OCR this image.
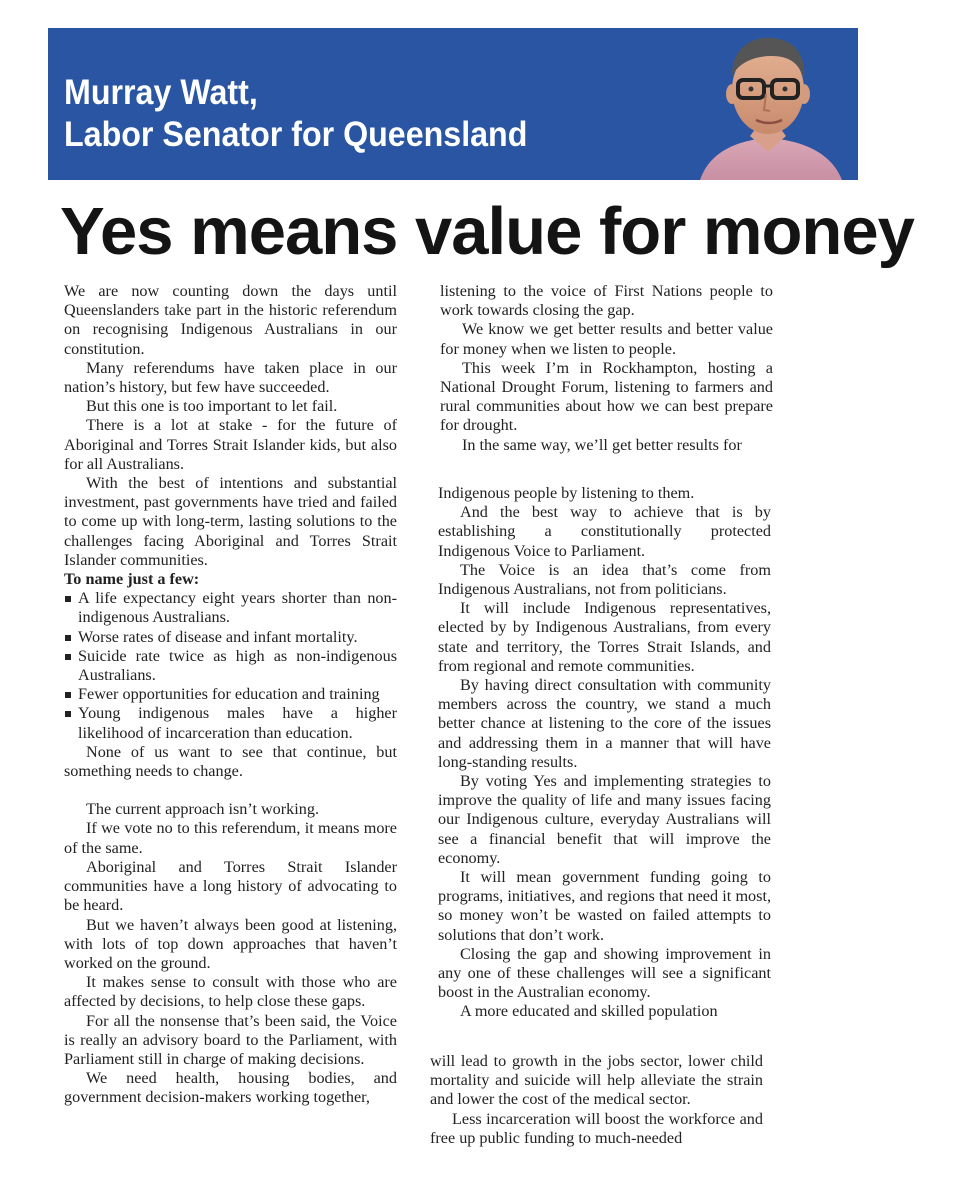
Murray Watt,
Labor Senator for Queensland
Yes means value for money

We are now counting down the days until Queenslanders take part in the historic referendum on recognising Indigenous Australians in our constitution.

Many referendums have taken place in our nation’s history, but few have succeeded.

But this one is too important to let fail.

There is a lot at stake - for the future of Aboriginal and Torres Strait Islander kids, but also for all Australians.

With the best of intentions and substantial investment, past governments have tried and failed to come up with long-term, lasting solutions to the challenges facing Aboriginal and Torres Strait Islander communities.

To name just a few:

A life expectancy eight years shorter than non-indigenous Australians.
Worse rates of disease and infant mortality.
Suicide rate twice as high as non-indigenous Australians.
Fewer opportunities for education and training
Young indigenous males have a higher likelihood of incarceration than education.

None of us want to see that continue, but something needs to change.

The current approach isn’t working.

If we vote no to this referendum, it means more of the same.

Aboriginal and Torres Strait Islander communities have a long history of advocating to be heard.

But we haven’t always been good at listening, with lots of top down approaches that haven’t worked on the ground.

It makes sense to consult with those who are affected by decisions, to help close these gaps.

For all the nonsense that’s been said, the Voice is really an advisory board to the Parliament, with Parliament still in charge of making decisions.

We need health, housing bodies, and government decision-makers working together,

listening to the voice of First Nations people to work towards closing the gap.

We know we get better results and better value for money when we listen to people.

This week I’m in Rockhampton, hosting a National Drought Forum, listening to farmers and rural communities about how we can best prepare for drought.

In the same way, we’ll get better results for

Indigenous people by listening to them.

And the best way to achieve that is by establishing a constitutionally protected Indigenous Voice to Parliament.

The Voice is an idea that’s come from Indigenous Australians, not from politicians.

It will include Indigenous representatives, elected by by Indigenous Australians, from every state and territory, the Torres Strait Islands, and from regional and remote communities.

By having direct consultation with community members across the country, we stand a much better chance at listening to the core of the issues and addressing them in a manner that will have long-standing results.

By voting Yes and implementing strategies to improve the quality of life and many issues facing our Indigenous culture, everyday Australians will see a financial benefit that will improve the economy.

It will mean government funding going to programs, initiatives, and regions that need it most, so money won’t be wasted on failed attempts to solutions that don’t work.

Closing the gap and showing improvement in any one of these challenges will see a significant boost in the Australian economy.

A more educated and skilled population

will lead to growth in the jobs sector, lower child mortality and suicide will help alleviate the strain and lower the cost of the medical sector.

Less incarceration will boost the workforce and free up public funding to much-needed
